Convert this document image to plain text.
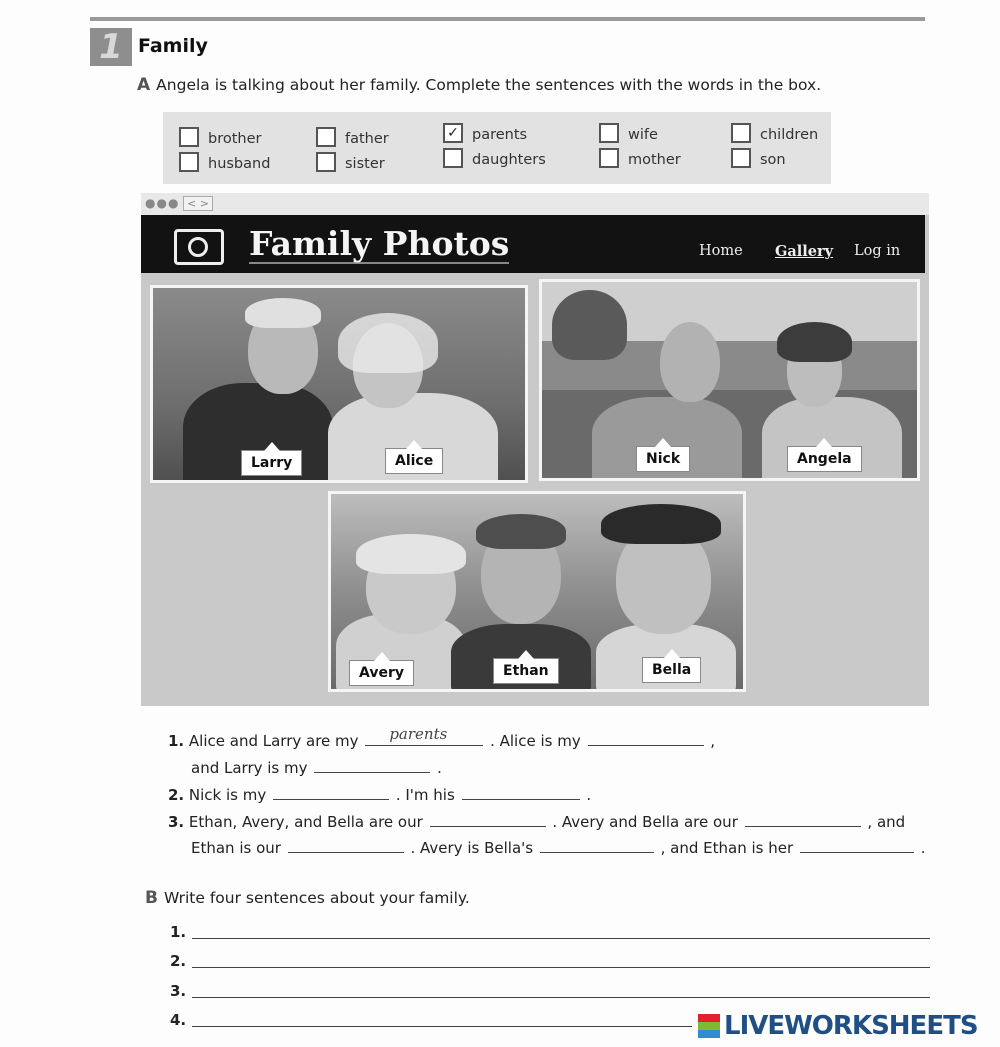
1 Family
A Angela is talking about her family. Complete the sentences with the words in the box.
brother	father	✓ parents	wife	children
husband	sister	daughters	mother	son
●●● < >
Family Photos	Home Gallery Log in
Larry	Alice	Nick	Angela
Avery	Ethan	Bella
1. Alice and Larry are my parents	. Alice is my	,
and Larry is my	.
2. Nick is my	. I'm his	.
3. Ethan, Avery, and Bella are our	. Avery and Bella are our	, and
Ethan is our	. Avery is Bella's	, and Ethan is her	.
B Write four sentences about your family.
1.
2.
3.
4.	LIVEWORKSHEETS
